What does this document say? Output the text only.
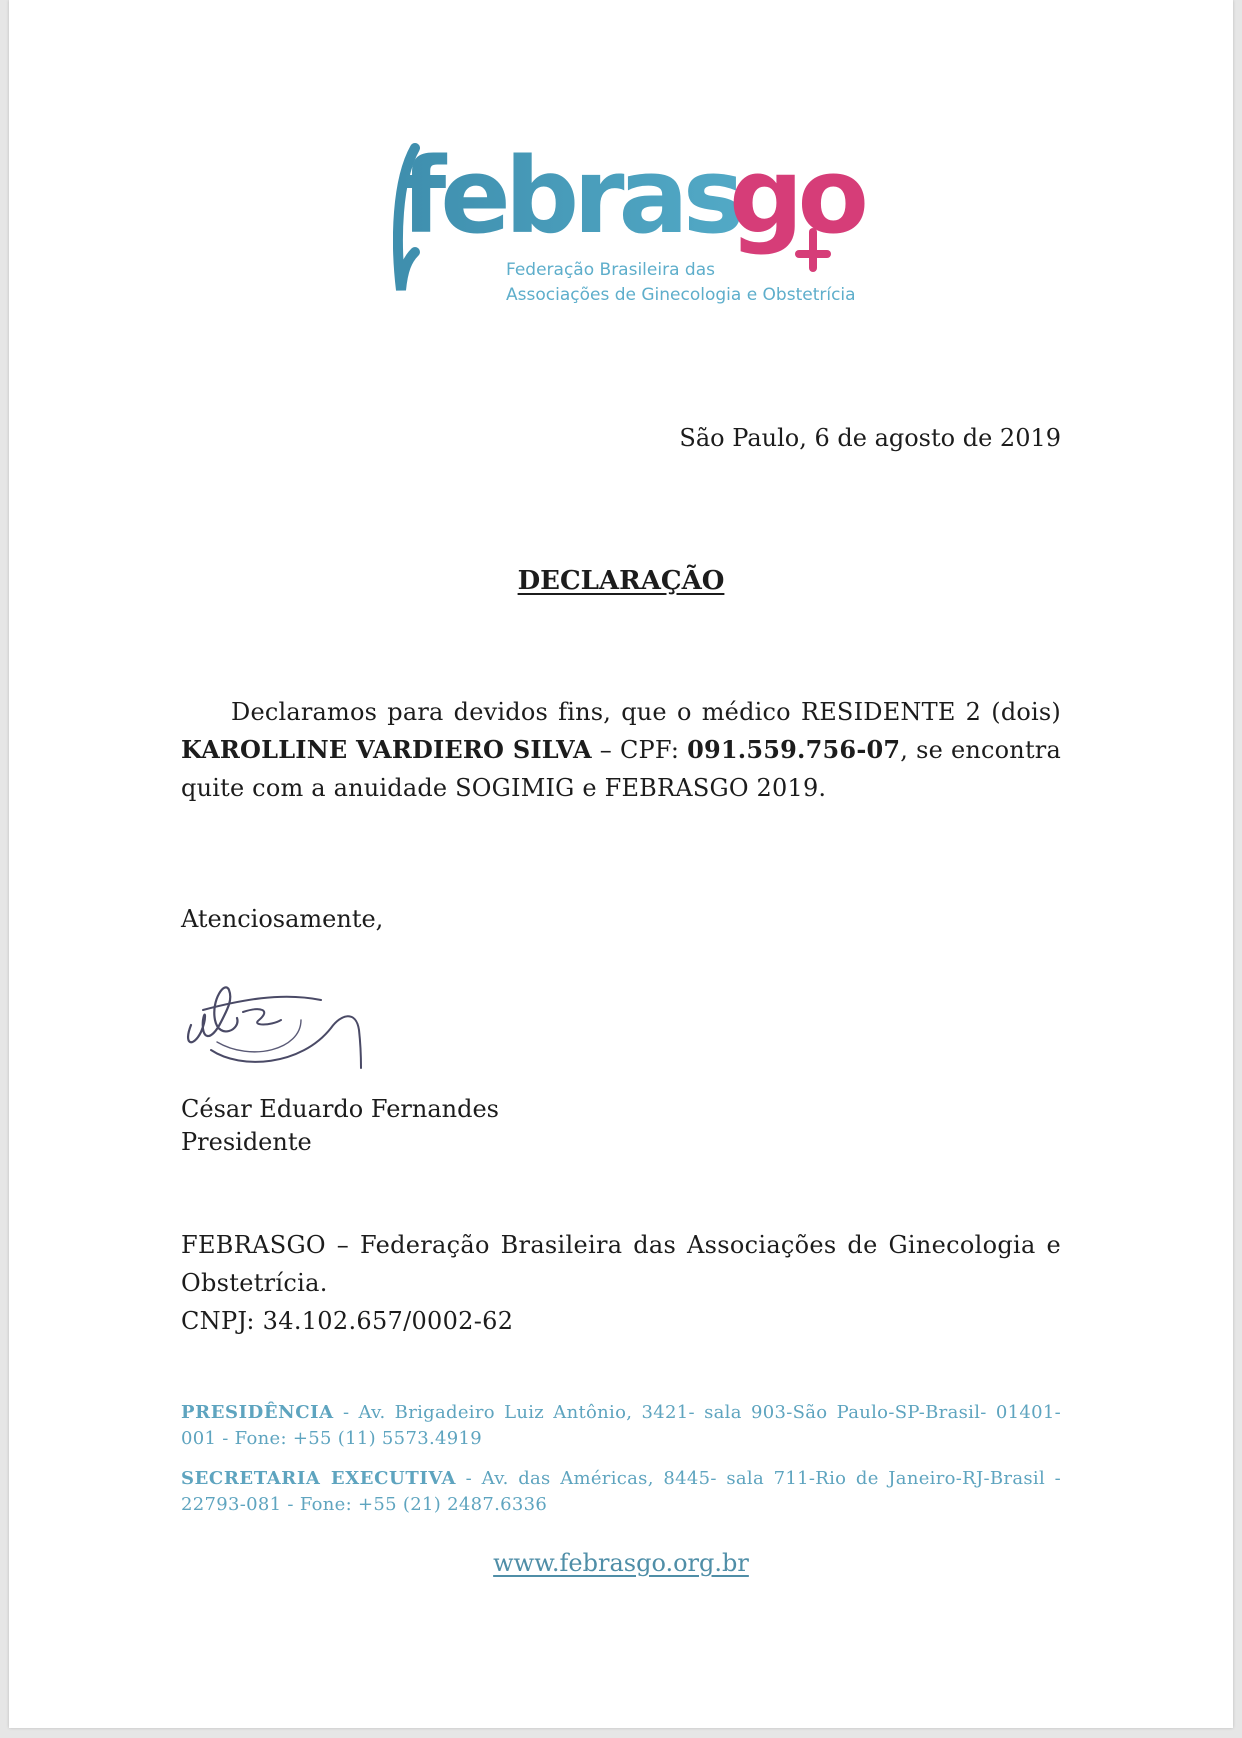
febras
go
Federação Brasileira das
Associações de Ginecologia e Obstetrícia
São Paulo, 6 de agosto de 2019
DECLARAÇÃO
Declaramos para devidos fins, que o médico RESIDENTE 2 (dois) KAROLLINE VARDIERO SILVA – CPF: 091.559.756-07, se encontra quite com a anuidade SOGIMIG e FEBRASGO 2019.
Atenciosamente,
César Eduardo Fernandes
Presidente
FEBRASGO – Federação Brasileira das Associações de Ginecologia e Obstetrícia.
CNPJ: 34.102.657/0002-62
PRESIDÊNCIA - Av. Brigadeiro Luiz Antônio, 3421- sala 903-São Paulo-SP-Brasil- 01401-001 - Fone: +55 (11) 5573.4919
SECRETARIA EXECUTIVA - Av. das Américas, 8445- sala 711-Rio de Janeiro-RJ-Brasil - 22793-081 - Fone: +55 (21) 2487.6336
www.febrasgo.org.br
